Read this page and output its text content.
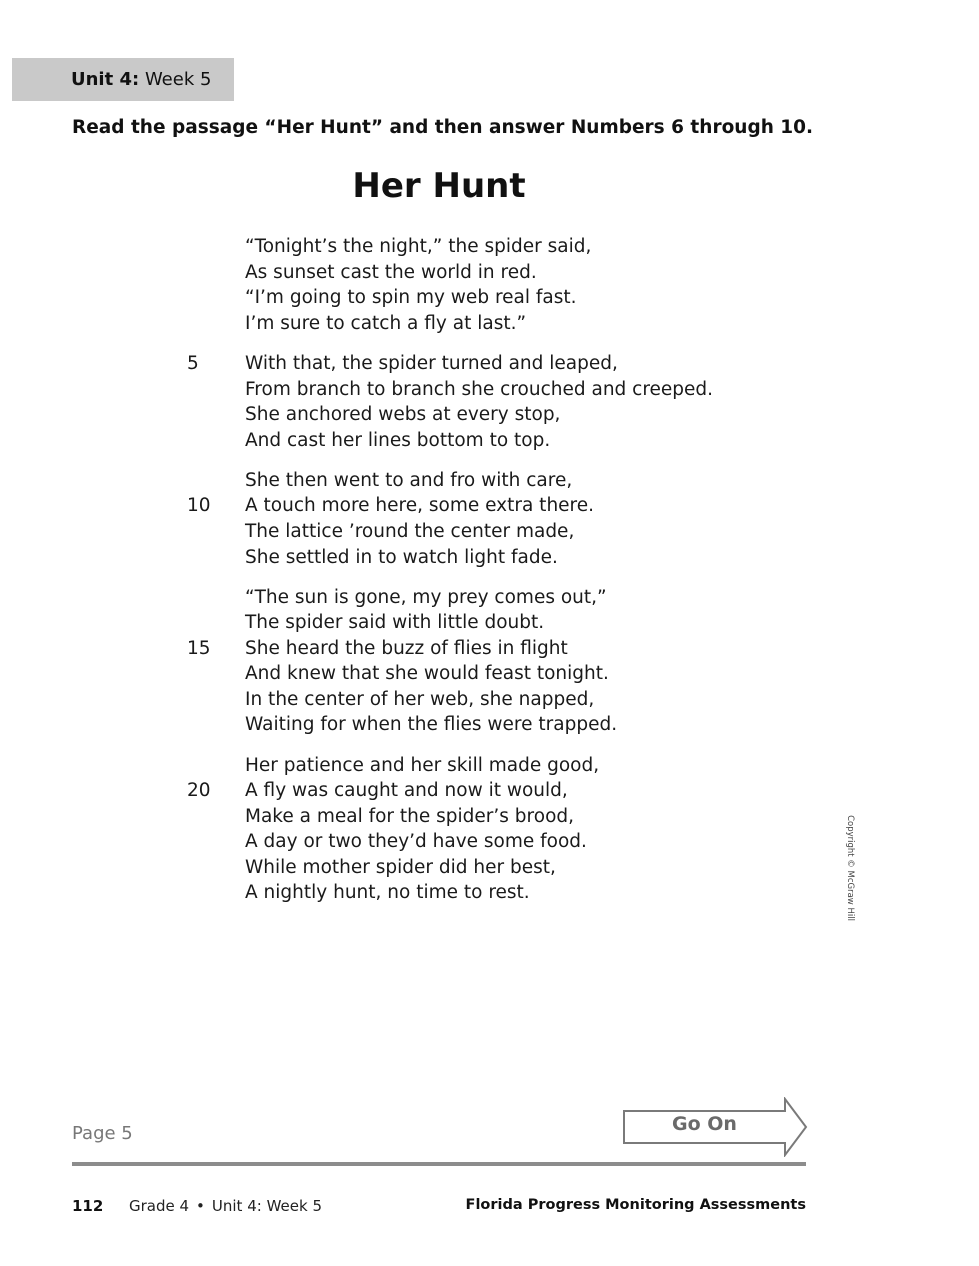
Unit 4: Week 5
Read the passage “Her Hunt” and then answer Numbers 6 through 10.
Her Hunt
“Tonight’s the night,” the spider said,
As sunset cast the world in red.
“I’m going to spin my web real fast.
I’m sure to catch a fly at last.”
5 With that, the spider turned and leaped,
From branch to branch she crouched and creeped.
She anchored webs at every stop,
And cast her lines bottom to top.
She then went to and fro with care,
10 A touch more here, some extra there.
The lattice ’round the center made,
She settled in to watch light fade.
“The sun is gone, my prey comes out,”
The spider said with little doubt.
15 She heard the buzz of flies in flight
And knew that she would feast tonight.
In the center of her web, she napped,
Waiting for when the flies were trapped.
Her patience and her skill made good,
20 A fly was caught and now it would,
Make a meal for the spider’s brood,
A day or two they’d have some food.
While mother spider did her best,
A nightly hunt, no time to rest.	Copyright © McGraw Hill
Page 5	Go On
112 Grade 4 • Unit 4: Week 5	Florida Progress Monitoring Assessments
